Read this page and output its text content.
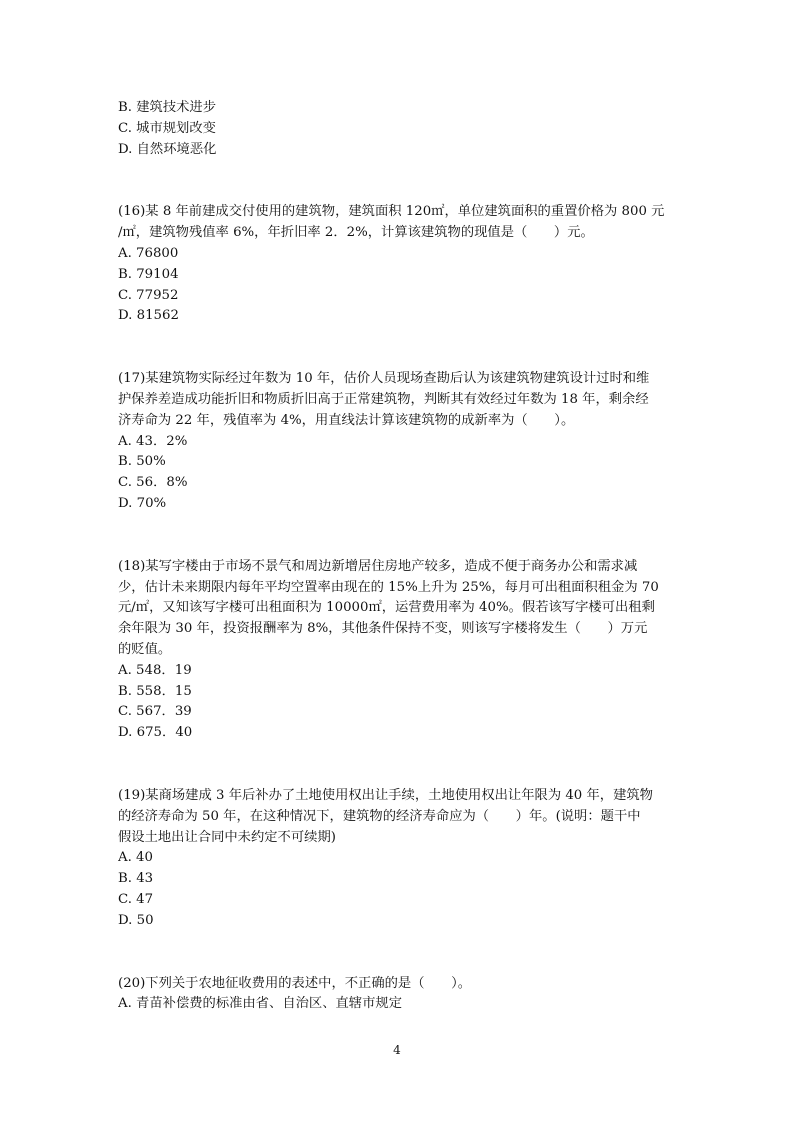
B. 建筑技术进步
C. 城市规划改变
D. 自然环境恶化
(16)某 8 年前建成交付使用的建筑物，建筑面积 120㎡，单位建筑面积的重置价格为 800 元
/㎡，建筑物残值率 6%，年折旧率 2．2%，计算该建筑物的现值是（　　）元。
A. 76800
B. 79104
C. 77952
D. 81562
(17)某建筑物实际经过年数为 10 年，估价人员现场查勘后认为该建筑物建筑设计过时和维
护保养差造成功能折旧和物质折旧高于正常建筑物，判断其有效经过年数为 18 年，剩余经
济寿命为 22 年，残值率为 4%，用直线法计算该建筑物的成新率为（　　）。
A. 43．2%
B. 50%
C. 56．8%
D. 70%
(18)某写字楼由于市场不景气和周边新增居住房地产较多，造成不便于商务办公和需求减
少，估计未来期限内每年平均空置率由现在的 15%上升为 25%，每月可出租面积租金为 70
元/㎡，又知该写字楼可出租面积为 10000㎡，运营费用率为 40%。假若该写字楼可出租剩
余年限为 30 年，投资报酬率为 8%，其他条件保持不变，则该写字楼将发生（　　）万元
的贬值。
A. 548．19
B. 558．15
C. 567．39
D. 675．40
(19)某商场建成 3 年后补办了土地使用权出让手续，土地使用权出让年限为 40 年，建筑物
的经济寿命为 50 年，在这种情况下，建筑物的经济寿命应为（　　）年。(说明：题干中
假设土地出让合同中未约定不可续期)
A. 40
B. 43
C. 47
D. 50
(20)下列关于农地征收费用的表述中，不正确的是（　　）。
A. 青苗补偿费的标准由省、自治区、直辖市规定
4
